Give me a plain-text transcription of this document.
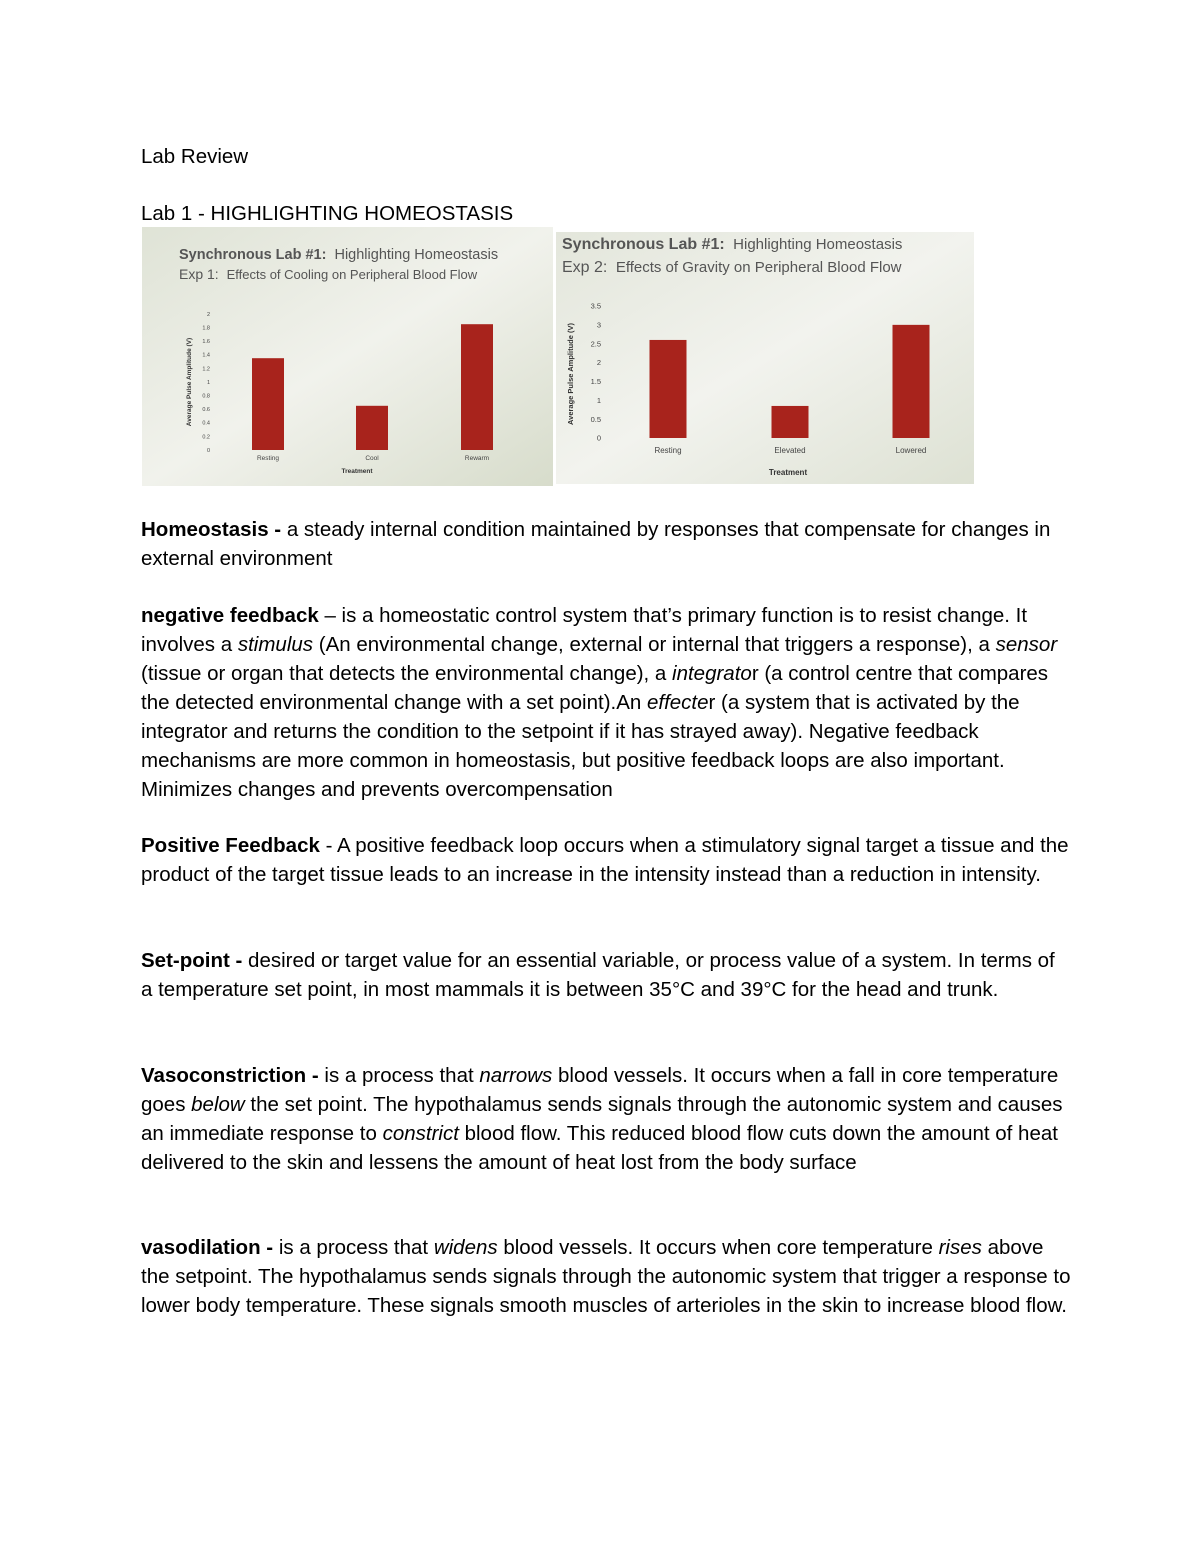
Lab Review
Lab 1 - HIGHLIGHTING HOMEOSTASIS
Synchronous Lab #1: Highlighting Homeostasis
Exp 1: Effects of Cooling on Peripheral Blood Flow
Average Pulse Amplitude (V)
Treatment
0
0.2
0.4
0.6
0.8
1
1.2
1.4
1.6
1.8
2
Resting	Cool	Rewarm
Synchronous Lab #1: Highlighting Homeostasis
Exp 2: Effects of Gravity on Peripheral Blood Flow
Average Pulse Amplitude (V)
Treatment
0
0.5
1
1.5
2
2.5
3
3.5
Resting	Elevated	Lowered

Homeostasis - a steady internal condition maintained by responses that compensate for changes in external environment

negative feedback – is a homeostatic control system that’s primary function is to resist change. It involves a stimulus (An environmental change, external or internal that triggers a response), a sensor (tissue or organ that detects the environmental change), a integrator (a control centre that compares the detected environmental change with a set point).An effecter (a system that is activated by the integrator and returns the condition to the setpoint if it has strayed away). Negative feedback mechanisms are more common in homeostasis, but positive feedback loops are also important. Minimizes changes and prevents overcompensation

Positive Feedback - A positive feedback loop occurs when a stimulatory signal target a tissue and the product of the target tissue leads to an increase in the intensity instead than a reduction in intensity.

Set-point - desired or target value for an essential variable, or process value of a system. In terms of a temperature set point, in most mammals it is between 35°C and 39°C for the head and trunk.

Vasoconstriction - is a process that narrows blood vessels. It occurs when a fall in core temperature goes below the set point. The hypothalamus sends signals through the autonomic system and causes an immediate response to constrict blood flow. This reduced blood flow cuts down the amount of heat delivered to the skin and lessens the amount of heat lost from the body surface

vasodilation - is a process that widens blood vessels. It occurs when core temperature rises above the setpoint. The hypothalamus sends signals through the autonomic system that trigger a response to lower body temperature. These signals smooth muscles of arterioles in the skin to increase blood flow.
